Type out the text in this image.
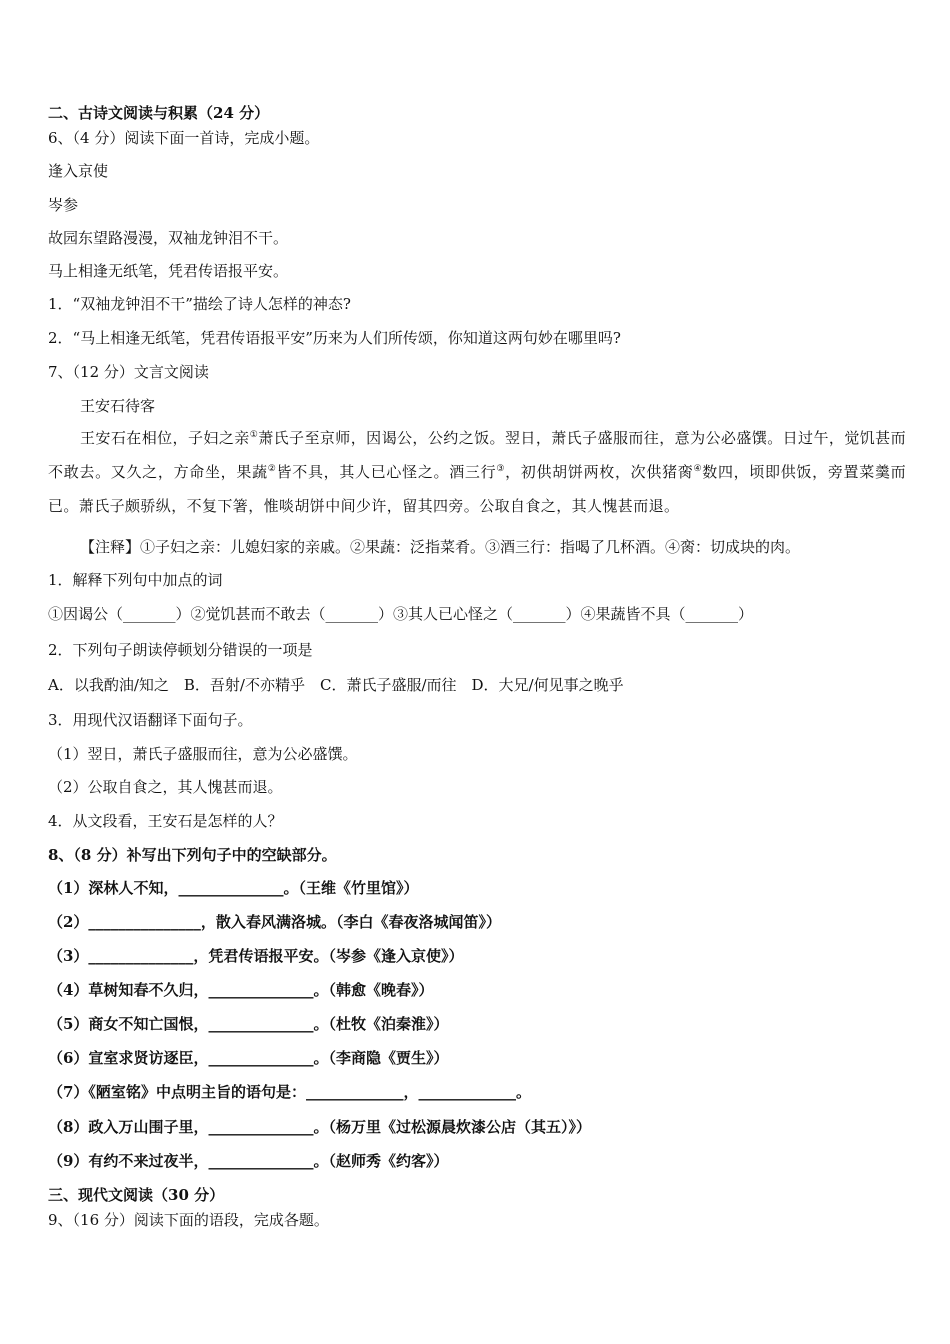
二、古诗文阅读与积累（24 分）
6、（4 分）阅读下面一首诗，完成小题。
逢入京使
岑参
故园东望路漫漫，双袖龙钟泪不干。
马上相逢无纸笔，凭君传语报平安。
1．“双袖龙钟泪不干”描绘了诗人怎样的神态?
2．“马上相逢无纸笔，凭君传语报平安”历来为人们所传颂，你知道这两句妙在哪里吗?
7、（12 分）文言文阅读
王安石待客
王安石在相位，子妇之亲①萧氏子至京师，因谒公，公约之饭。翌日，萧氏子盛服而往，意为公必盛馔。日过午，觉饥甚而不敢去。又久之，方命坐，果蔬②皆不具，其人已心怪之。酒三行③，初供胡饼两枚，次供猪脔④数四，顷即供饭，旁置菜羹而已。萧氏子颇骄纵，不复下箸，惟啖胡饼中间少许，留其四旁。公取自食之，其人愧甚而退。
【注释】①子妇之亲：儿媳妇家的亲戚。②果蔬：泛指菜肴。③酒三行：指喝了几杯酒。④脔：切成块的肉。
1．解释下列句中加点的词
①因谒公（_______）②觉饥甚而不敢去（_______）③其人已心怪之（_______）④果蔬皆不具（_______）
2．下列句子朗读停顿划分错误的一项是
A．以我酌油/知之　B．吾射/不亦精乎　C．萧氏子盛服/而往　D．大兄/何见事之晚乎
3．用现代汉语翻译下面句子。
（1）翌日，萧氏子盛服而往，意为公必盛馔。
（2）公取自食之，其人愧甚而退。
4．从文段看，王安石是怎样的人？
8、（8 分）补写出下列句子中的空缺部分。
（1）深林人不知，______________。（王维《竹里馆》）
（2）_______________，散入春风满洛城。（李白《春夜洛城闻笛》）
（3）______________，凭君传语报平安。（岑参《逢入京使》）
（4）草树知春不久归，______________。（韩愈《晚春》）
（5）商女不知亡国恨，______________。（杜牧《泊秦淮》）
（6）宣室求贤访逐臣，______________。（李商隐《贾生》）
（7）《陋室铭》中点明主旨的语句是：_____________，_____________。
（8）政入万山围子里，______________。（杨万里《过松源晨炊漆公店（其五）》）
（9）有约不来过夜半，______________。（赵师秀《约客》）
三、现代文阅读（30 分）
9、（16 分）阅读下面的语段，完成各题。
